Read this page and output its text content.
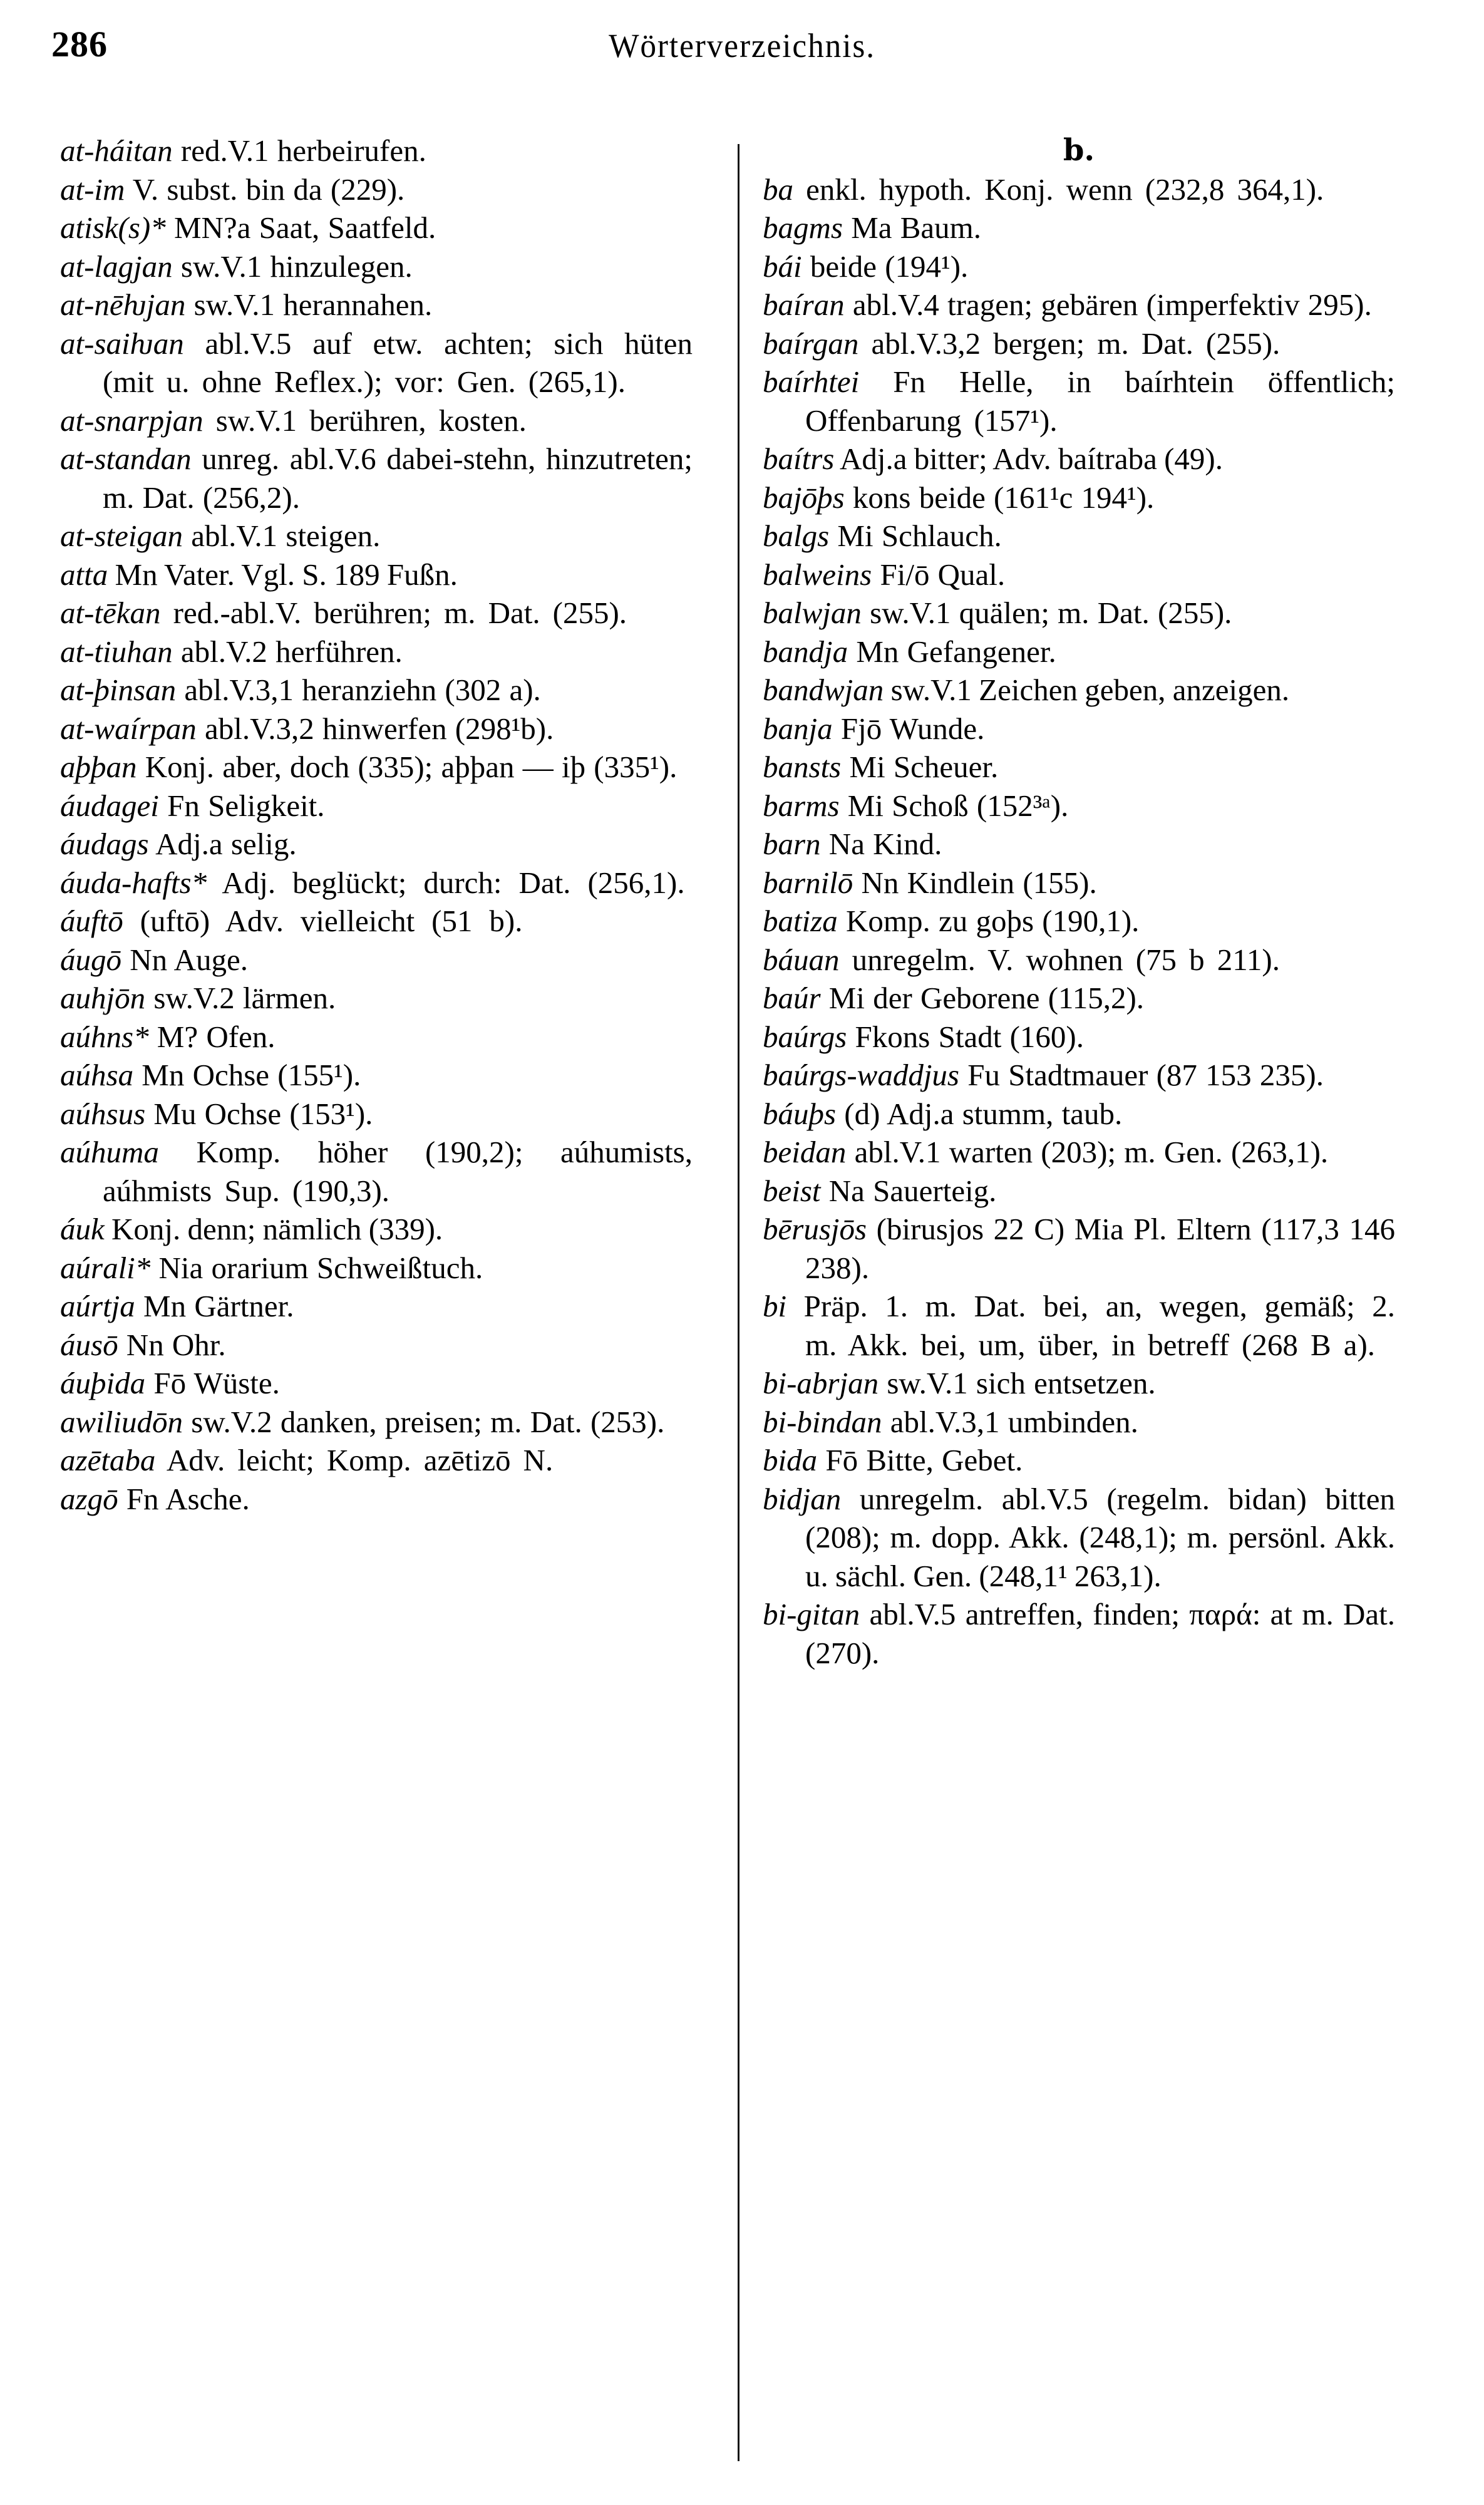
286	Wörterverzeichnis.

at-háitan red.V.1 herbeirufen.

at-im V. subst. bin da (229).

atisk(s)* MN?a Saat, Saatfeld.

at-lagjan sw.V.1 hinzulegen.

at-nēƕjan sw.V.1 herannahen.

at-saiƕan abl.V.5 auf etw. achten; sich hüten (mit u. ohne Reflex.); vor: Gen. (265,1).

at-snarpjan sw.V.1 berühren, kosten.

at-standan unreg. abl.V.6 dabei-stehn, hinzutreten; m. Dat. (256,2).

at-steigan abl.V.1 steigen.

atta Mn Vater. Vgl. S. 189 Fußn.

at-tēkan red.-abl.V. berühren; m. Dat. (255).

at-tiuhan abl.V.2 herführen.

at-þinsan abl.V.3,1 heranziehn (302 a).

at-waírpan abl.V.3,2 hinwerfen (298¹b).

aþþan Konj. aber, doch (335); aþþan — iþ (335¹).

áudagei Fn Seligkeit.

áudags Adj.a selig.

áuda-hafts* Adj. beglückt; durch: Dat. (256,1).

áuftō (uftō) Adv. vielleicht (51 b).

áugō Nn Auge.

auhjōn sw.V.2 lärmen.

aúhns* M? Ofen.

aúhsa Mn Ochse (155¹).

aúhsus Mu Ochse (153¹).

aúhuma Komp. höher (190,2); aúhumists, aúhmists Sup. (190,3).

áuk Konj. denn; nämlich (339).

aúrali* Nia orarium Schweißtuch.

aúrtja Mn Gärtner.

áusō Nn Ohr.

áuþida Fō Wüste.

awiliudōn sw.V.2 danken, preisen; m. Dat. (253).

azētaba Adv. leicht; Komp. azētizō N.

azgō Fn Asche.

b.

ba enkl. hypoth. Konj. wenn (232,8 364,1).

bagms Ma Baum.

bái beide (194¹).

baíran abl.V.4 tragen; gebären (imperfektiv 295).

baírgan abl.V.3,2 bergen; m. Dat. (255).

baírhtei Fn Helle, in baírhtein öffentlich; Offenbarung (157¹).

baítrs Adj.a bitter; Adv. baítraba (49).

bajōþs kons beide (161¹c 194¹).

balgs Mi Schlauch.

balweins Fi/ō Qual.

balwjan sw.V.1 quälen; m. Dat. (255).

bandja Mn Gefangener.

bandwjan sw.V.1 Zeichen geben, anzeigen.

banja Fjō Wunde.

bansts Mi Scheuer.

barms Mi Schoß (152³ᵃ).

barn Na Kind.

barnilō Nn Kindlein (155).

batiza Komp. zu goþs (190,1).

báuan unregelm. V. wohnen (75 b 211).

baúr Mi der Geborene (115,2).

baúrgs Fkons Stadt (160).

baúrgs-waddjus Fu Stadtmauer (87 153 235).

báuþs (d) Adj.a stumm, taub.

beidan abl.V.1 warten (203); m. Gen. (263,1).

beist Na Sauerteig.

bērusjōs (birusjos 22 C) Mia Pl. Eltern (117,3 146 238).

bi Präp. 1. m. Dat. bei, an, wegen, gemäß; 2. m. Akk. bei, um, über, in betreff (268 B a).

bi-abrjan sw.V.1 sich entsetzen.

bi-bindan abl.V.3,1 umbinden.

bida Fō Bitte, Gebet.

bidjan unregelm. abl.V.5 (regelm. bidan) bitten (208); m. dopp. Akk. (248,1); m. persönl. Akk. u. sächl. Gen. (248,1¹ 263,1).

bi-gitan abl.V.5 antreffen, finden; παρά: at m. Dat. (270).
